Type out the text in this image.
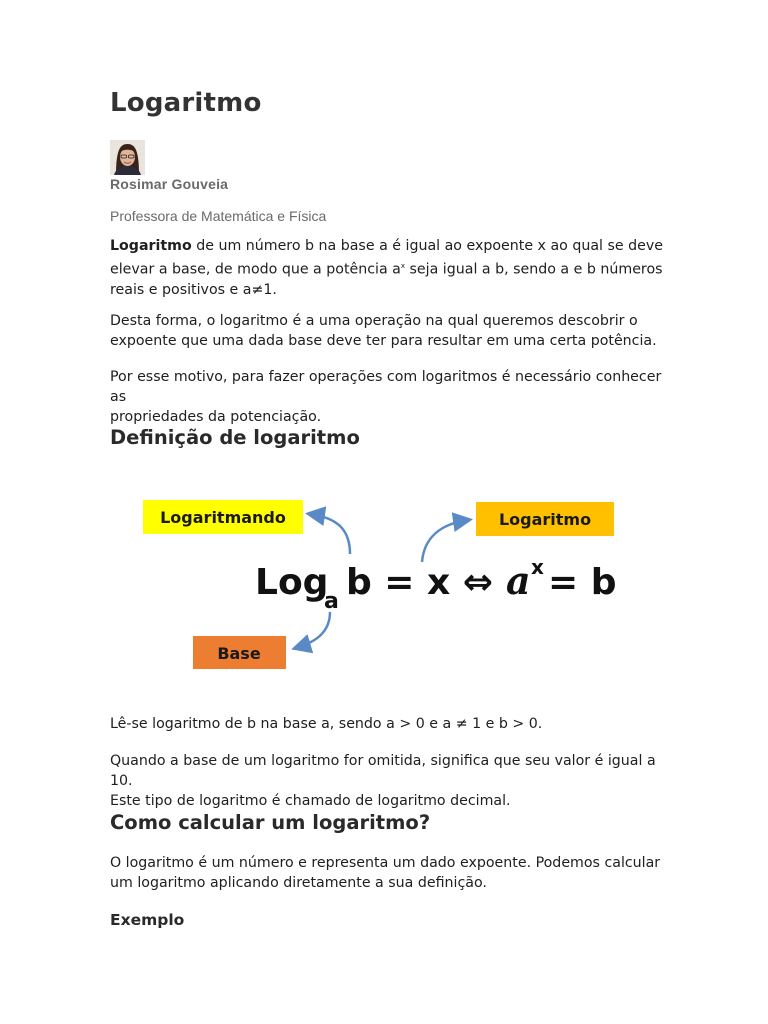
Logaritmo
Rosimar Gouveia
Professora de Matemática e Física

Logaritmo de um número b na base a é igual ao expoente x ao qual se deve
elevar a base, de modo que a potência $a^x$ seja igual a b, sendo a e b números
reais e positivos e a≠1.

Desta forma, o logaritmo é a uma operação na qual queremos descobrir o
expoente que uma dada base deve ter para resultar em uma certa potência.

Por esse motivo, para fazer operações com logaritmos é necessário conhecer as
propriedades da potenciação.

Definição de logaritmo
Logaritmando	Logaritmo
Base
Log
a b = x ⇔ a x = b

Lê-se logaritmo de b na base a, sendo a > 0 e a ≠ 1 e b > 0.

Quando a base de um logaritmo for omitida, significa que seu valor é igual a 10.
Este tipo de logaritmo é chamado de logaritmo decimal.

Como calcular um logaritmo?

O logaritmo é um número e representa um dado expoente. Podemos calcular
um logaritmo aplicando diretamente a sua definição.

Exemplo
